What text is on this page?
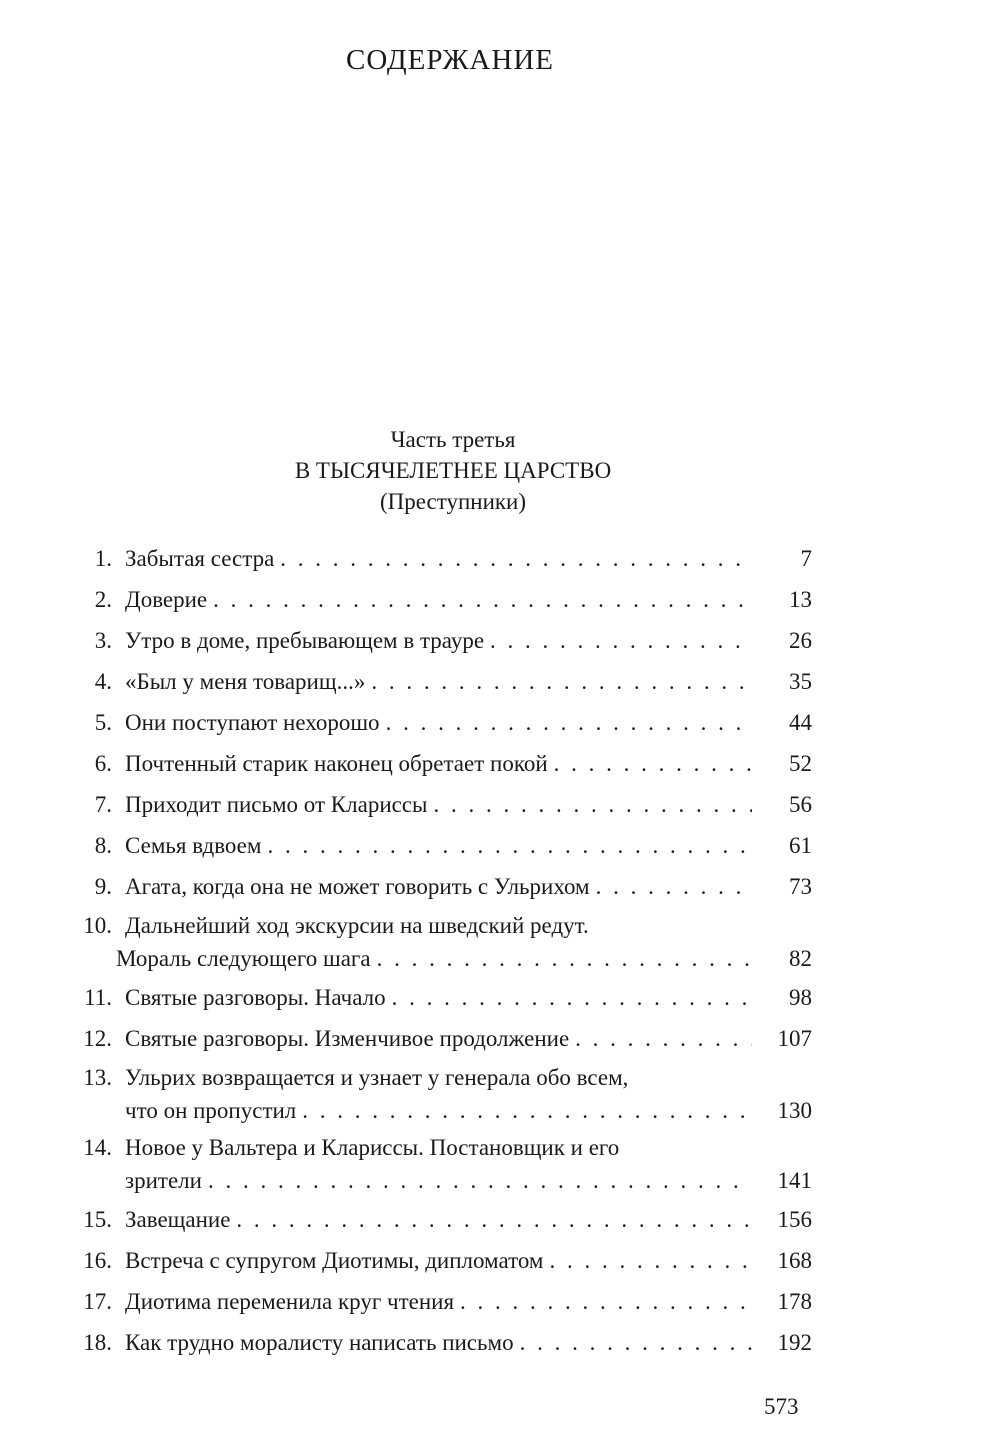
СОДЕРЖАНИЕ
Часть третья
В ТЫСЯЧЕЛЕТНЕЕ ЦАРСТВО
(Преступники)
1. Забытая сестра . . .	7
2. Доверие . . .	13
3. Утро в доме, пребывающем в трауре . . .	26
4. «Был у меня товарищ...» . . .	35
5. Они поступают нехорошо . . .	44
6. Почтенный старик наконец обретает покой . . .	52
7. Приходит письмо от Клариссы . . .	56
8. Семья вдвоем . . .	61
9. Агата, когда она не может говорить с Ульрихом . . .	73
10. Дальнейший ход экскурсии на шведский редут.
Мораль следующего шага . . .	82
11. Святые разговоры. Начало . . .	98
12. Святые разговоры. Изменчивое продолжение . . .	107
13. Ульрих возвращается и узнает у генерала обо всем,
что он пропустил . . .	130
14. Новое у Вальтера и Клариссы. Постановщик и его
зрители . . .	141
15. Завещание . . .	156
16. Встреча с супругом Диотимы, дипломатом . . .	168
17. Диотима переменила круг чтения . . .	178
18. Как трудно моралисту написать письмо . . .	192
573
